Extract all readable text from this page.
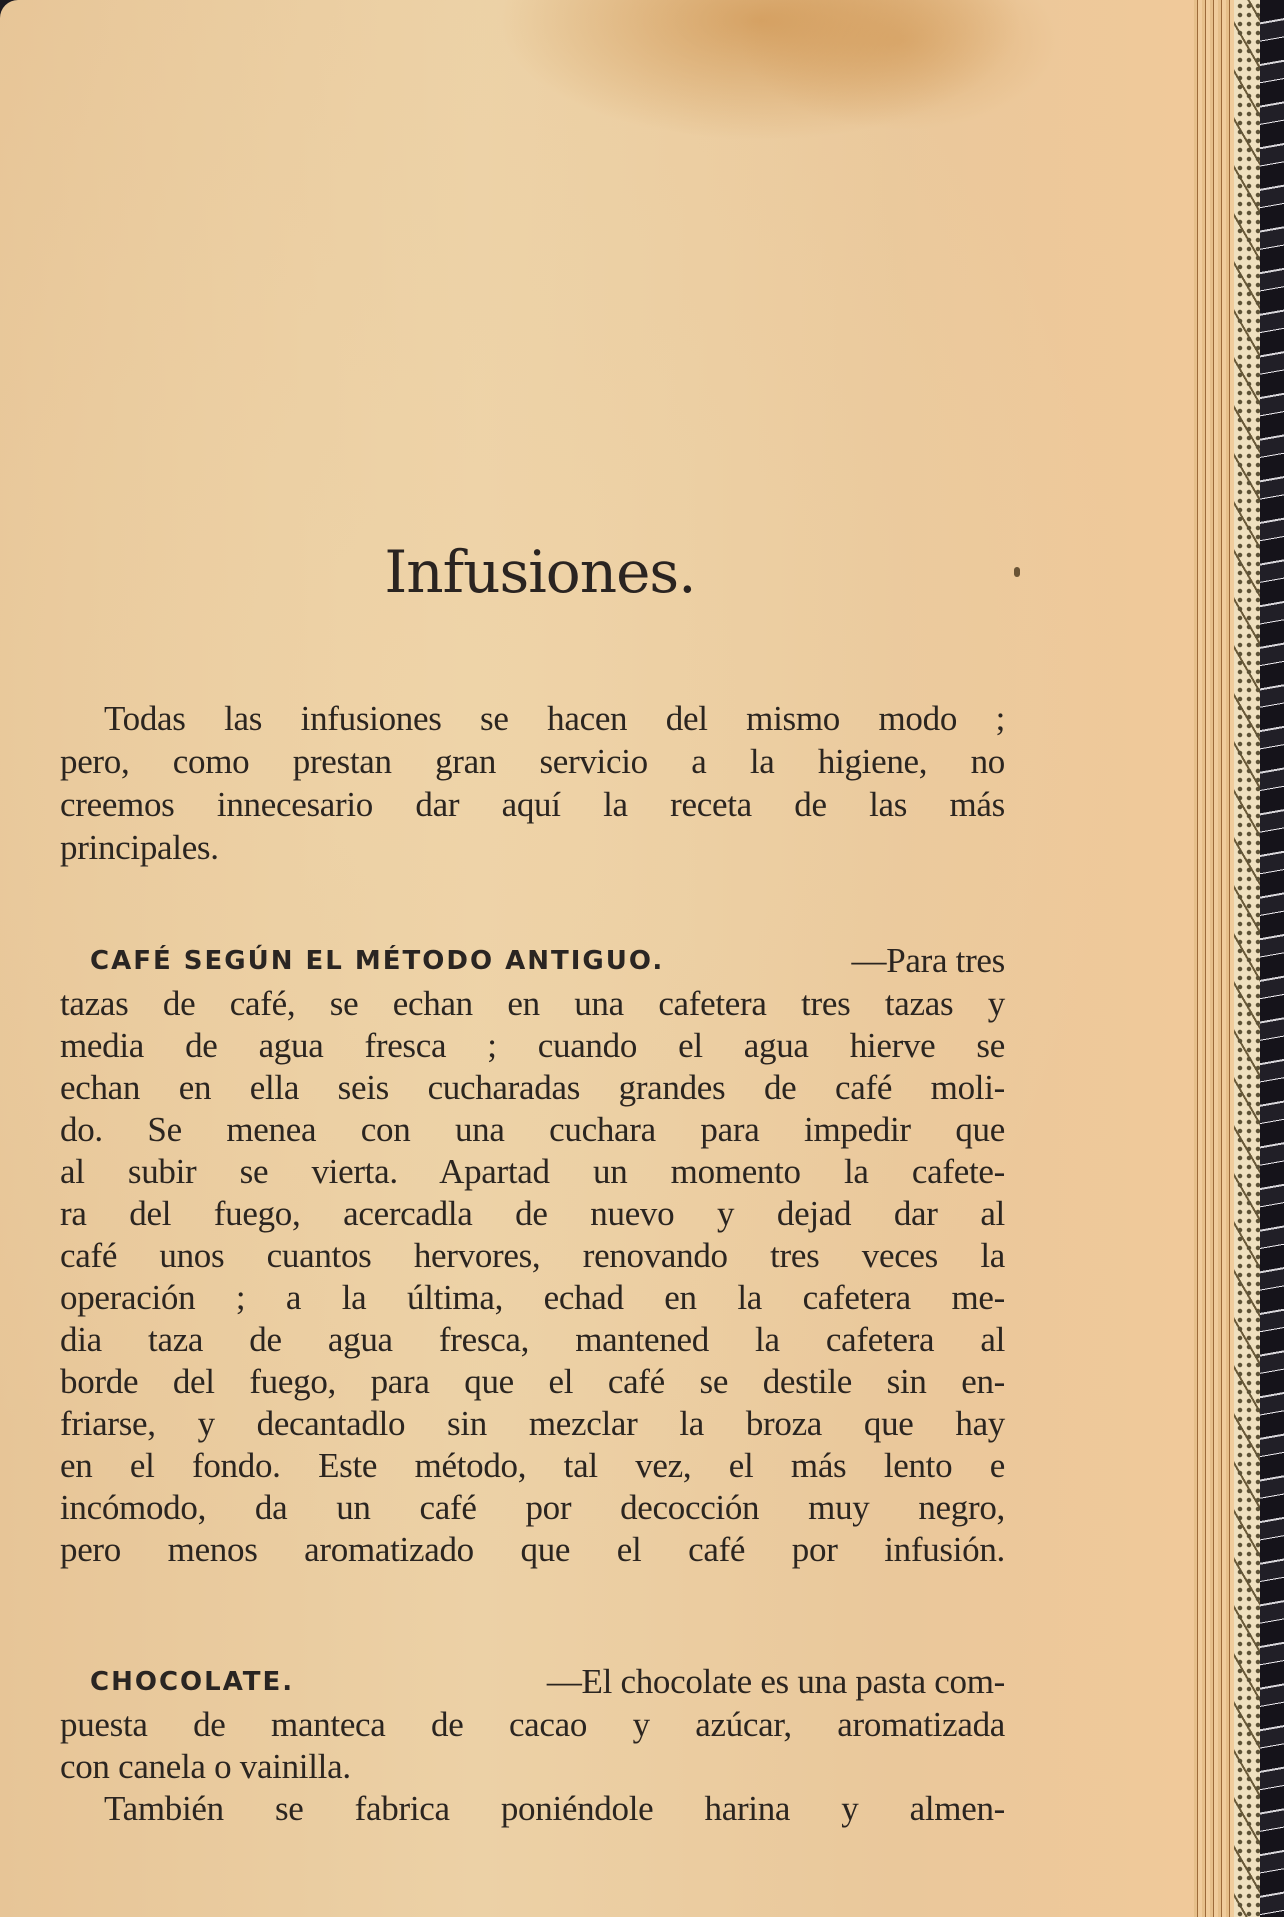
Infusiones.
Todas las infusiones se hacen del mismo modo ;
pero, como prestan gran servicio a la higiene, no
creemos innecesario dar aquí la receta de las más
principales.
CAFÉ SEGÚN EL MÉTODO ANTIGUO.	—Para tres
tazas de café, se echan en una cafetera tres tazas y
media de agua fresca ; cuando el agua hierve se
echan en ella seis cucharadas grandes de café moli-
do. Se menea con una cuchara para impedir que
al subir se vierta. Apartad un momento la cafete-
ra del fuego, acercadla de nuevo y dejad dar al
café unos cuantos hervores, renovando tres veces la
operación ; a la última, echad en la cafetera me-
dia taza de agua fresca, mantened la cafetera al
borde del fuego, para que el café se destile sin en-
friarse, y decantadlo sin mezclar la broza que hay
en el fondo. Este método, tal vez, el más lento e
incómodo, da un café por decocción muy negro,
pero menos aromatizado que el café por infusión.
CHOCOLATE.	—El chocolate es una pasta com-
puesta de manteca de cacao y azúcar, aromatizada
con canela o vainilla.
También se fabrica poniéndole harina y almen-
